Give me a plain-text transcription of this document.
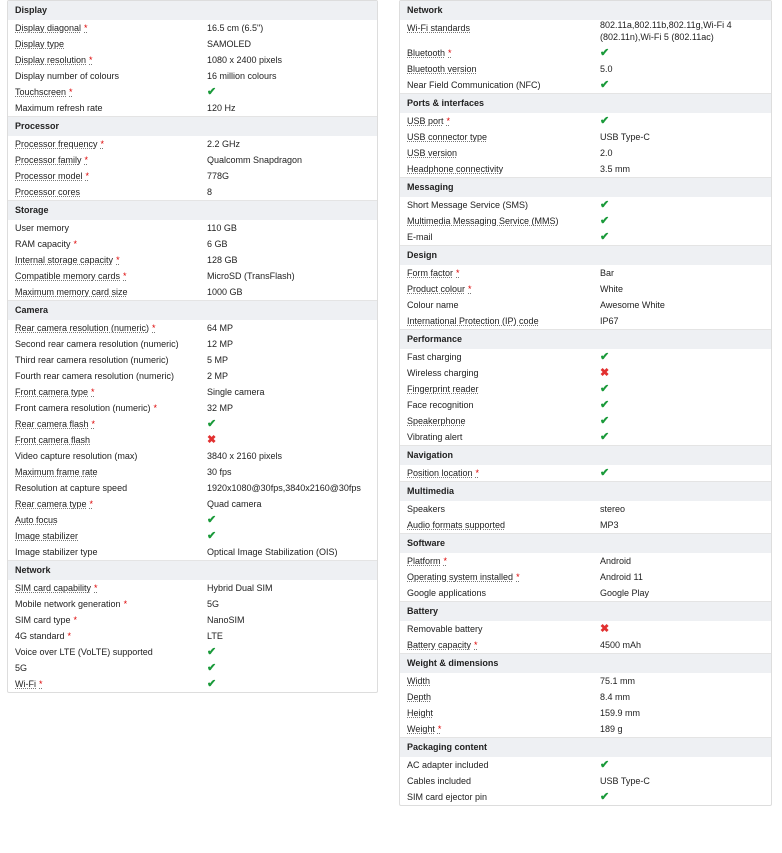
Display
Display diagonal *	16.5 cm (6.5")
Display type	SAMOLED
Display resolution *	1080 x 2400 pixels
Display number of colours	16 million colours
Touchscreen *	✔
Maximum refresh rate	120 Hz
Processor
Processor frequency *	2.2 GHz
Processor family *	Qualcomm Snapdragon
Processor model *	778G
Processor cores	8
Storage
User memory	110 GB
RAM capacity *	6 GB
Internal storage capacity *	128 GB
Compatible memory cards *	MicroSD (TransFlash)
Maximum memory card size	1000 GB
Camera
Rear camera resolution (numeric) *	64 MP
Second rear camera resolution (numeric)	12 MP
Third rear camera resolution (numeric)	5 MP
Fourth rear camera resolution (numeric)	2 MP
Front camera type *	Single camera
Front camera resolution (numeric) *	32 MP
Rear camera flash *	✔
Front camera flash	✖
Video capture resolution (max)	3840 x 2160 pixels
Maximum frame rate	30 fps
Resolution at capture speed	1920x1080@30fps,3840x2160@30fps
Rear camera type *	Quad camera
Auto focus	✔
Image stabilizer	✔
Image stabilizer type	Optical Image Stabilization (OIS)
Network
SIM card capability *	Hybrid Dual SIM
Mobile network generation *	5G
SIM card type *	NanoSIM
4G standard *	LTE
Voice over LTE (VoLTE) supported	✔
5G	✔
Wi-Fi *	✔
Network
Wi-Fi standards	802.11a,802.11b,802.11g,Wi-Fi 4 (802.11n),Wi-Fi 5 (802.11ac)
Bluetooth *	✔
Bluetooth version	5.0
Near Field Communication (NFC)	✔
Ports & interfaces
USB port *	✔
USB connector type	USB Type-C
USB version	2.0
Headphone connectivity	3.5 mm
Messaging
Short Message Service (SMS)	✔
Multimedia Messaging Service (MMS)	✔
E-mail	✔
Design
Form factor *	Bar
Product colour *	White
Colour name	Awesome White
International Protection (IP) code	IP67
Performance
Fast charging	✔
Wireless charging	✖
Fingerprint reader	✔
Face recognition	✔
Speakerphone	✔
Vibrating alert	✔
Navigation
Position location *	✔
Multimedia
Speakers	stereo
Audio formats supported	MP3
Software
Platform *	Android
Operating system installed *	Android 11
Google applications	Google Play
Battery
Removable battery	✖
Battery capacity *	4500 mAh
Weight & dimensions
Width	75.1 mm
Depth	8.4 mm
Height	159.9 mm
Weight *	189 g
Packaging content
AC adapter included	✔
Cables included	USB Type-C
SIM card ejector pin	✔
